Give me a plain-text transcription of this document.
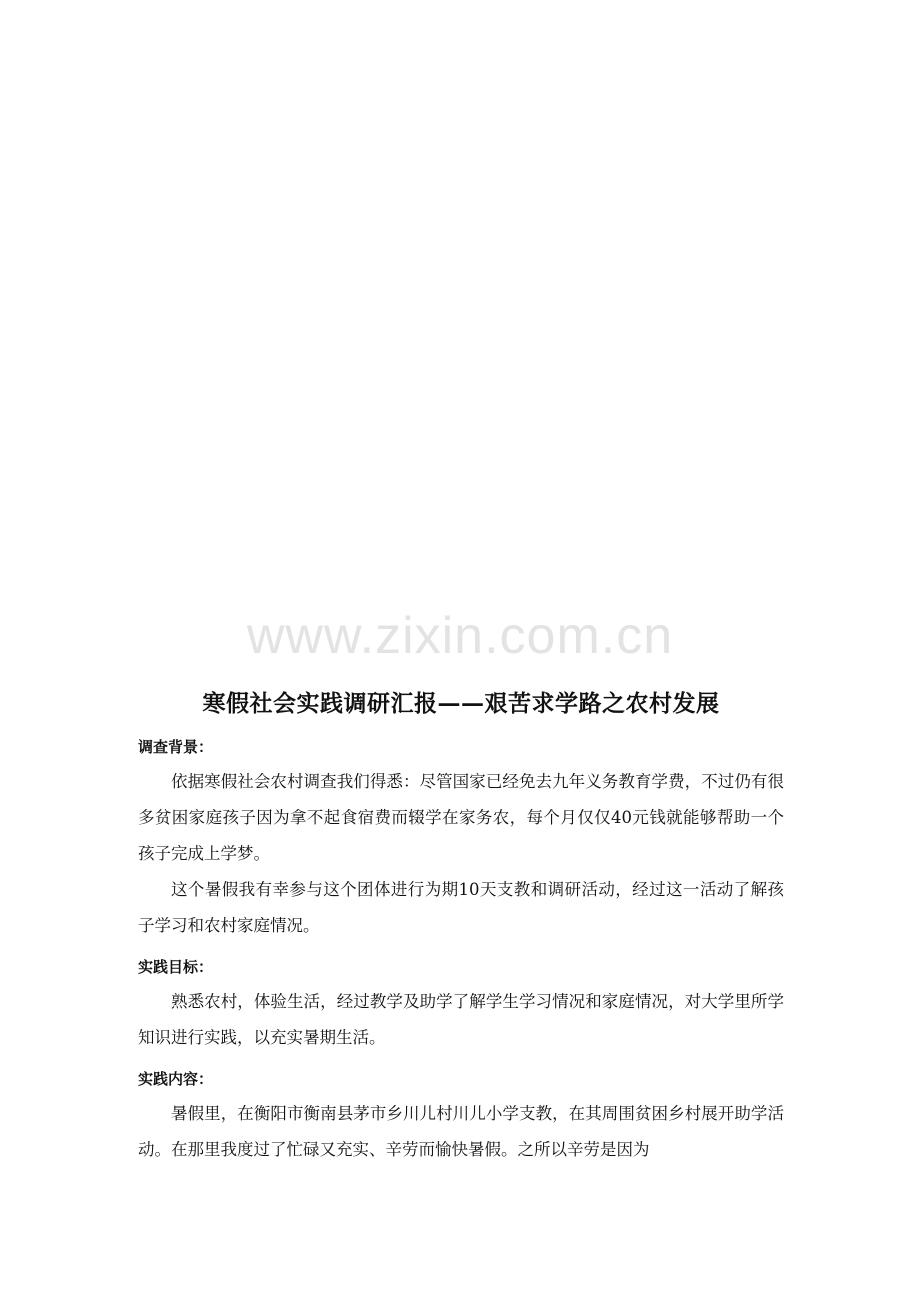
www.zixin.com.cn
寒假社会实践调研汇报——艰苦求学路之农村发展

调查背景：

依据寒假社会农村调查我们得悉：尽管国家已经免去九年义务教育学费，不过仍有很多贫困家庭孩子因为拿不起食宿费而辍学在家务农，每个月仅仅40元钱就能够帮助一个孩子完成上学梦。

这个暑假我有幸参与这个团体进行为期10天支教和调研活动，经过这一活动了解孩子学习和农村家庭情况。

实践目标：

熟悉农村，体验生活，经过教学及助学了解学生学习情况和家庭情况，对大学里所学知识进行实践，以充实暑期生活。

实践内容：

暑假里，在衡阳市衡南县茅市乡川儿村川儿小学支教，在其周围贫困乡村展开助学活动。在那里我度过了忙碌又充实、辛劳而愉快暑假。之所以辛劳是因为
